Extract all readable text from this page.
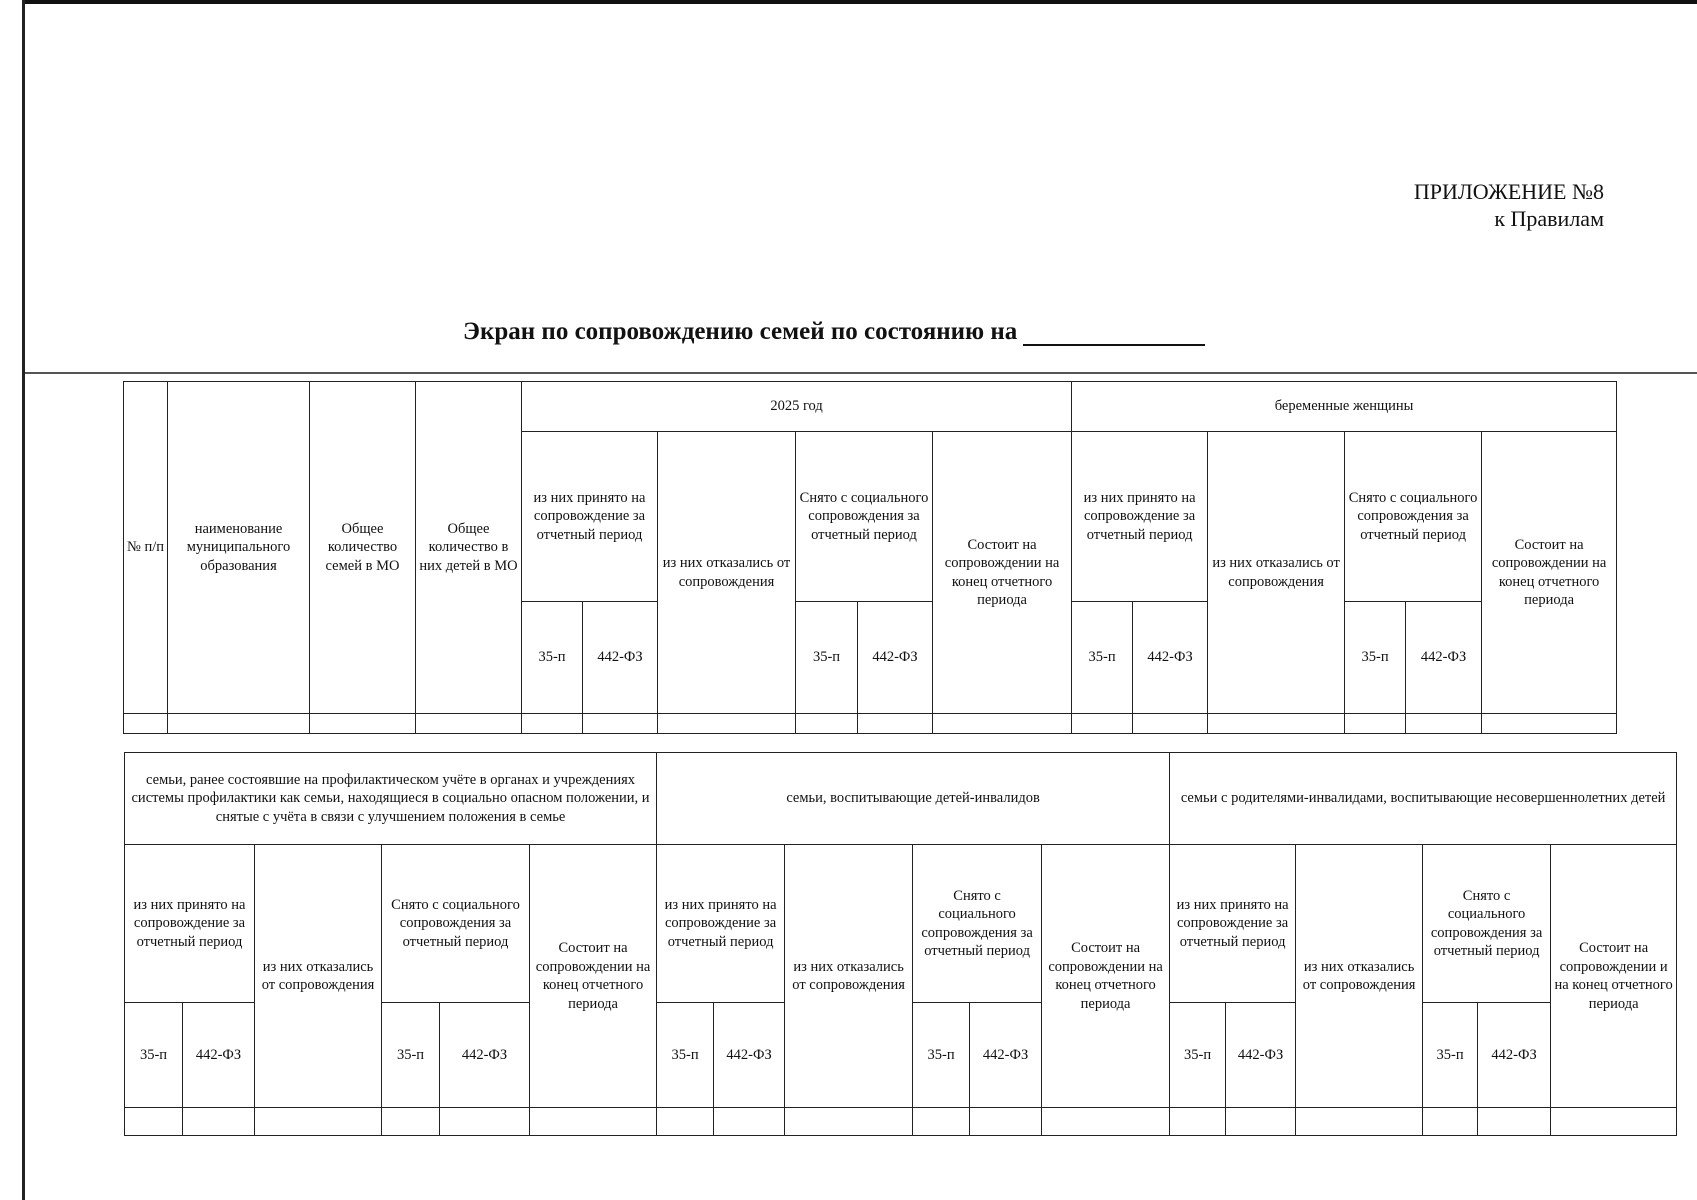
ПРИЛОЖЕНИЕ №8
к Правилам
Экран по сопровождению семей по состоянию на
№ п/п	наименование муниципального образования	Общее количество семей в МО	Общее количество в них детей в МО	2025 год						беременные женщины					
				из них принято на сопровождение за отчетный период		из них отказались от сопровождения	Снято с социального сопровождения за отчетный период		Состоит на сопровождении на конец отчетного периода	из них принято на сопровождение за отчетный период		из них отказались от сопровождения	Снято с социального сопровождения за отчетный период		Состоит на сопровождении на конец отчетного периода
				35-п	442-ФЗ		35-п	442-ФЗ		35-п	442-ФЗ		35-п	442-ФЗ	

семьи, ранее состоявшие на профилактическом учёте в органах и учреждениях системы профилактики как семьи, находящиеся в социально опасном положении, и снятые с учёта в связи с улучшением положения в семье						семьи, воспитывающие детей-инвалидов						семьи с родителями-инвалидами, воспитывающие несовершеннолетних детей					
из них принято на сопровождение за отчетный период		из них отказались от сопровождения	Снято с социального сопровождения за отчетный период		Состоит на сопровождении на конец отчетного периода	из них принято на сопровождение за отчетный период		из них отказались от сопровождения	Снято с социального сопровождения за отчетный период		Состоит на сопровождении на конец отчетного периода	из них принято на сопровождение за отчетный период		из них отказались от сопровождения	Снято с социального сопровождения за отчетный период		Состоит на сопровождении и на конец отчетного периода
35-п	442-ФЗ		35-п	442-ФЗ		35-п	442-ФЗ		35-п	442-ФЗ		35-п	442-ФЗ		35-п	442-ФЗ	
